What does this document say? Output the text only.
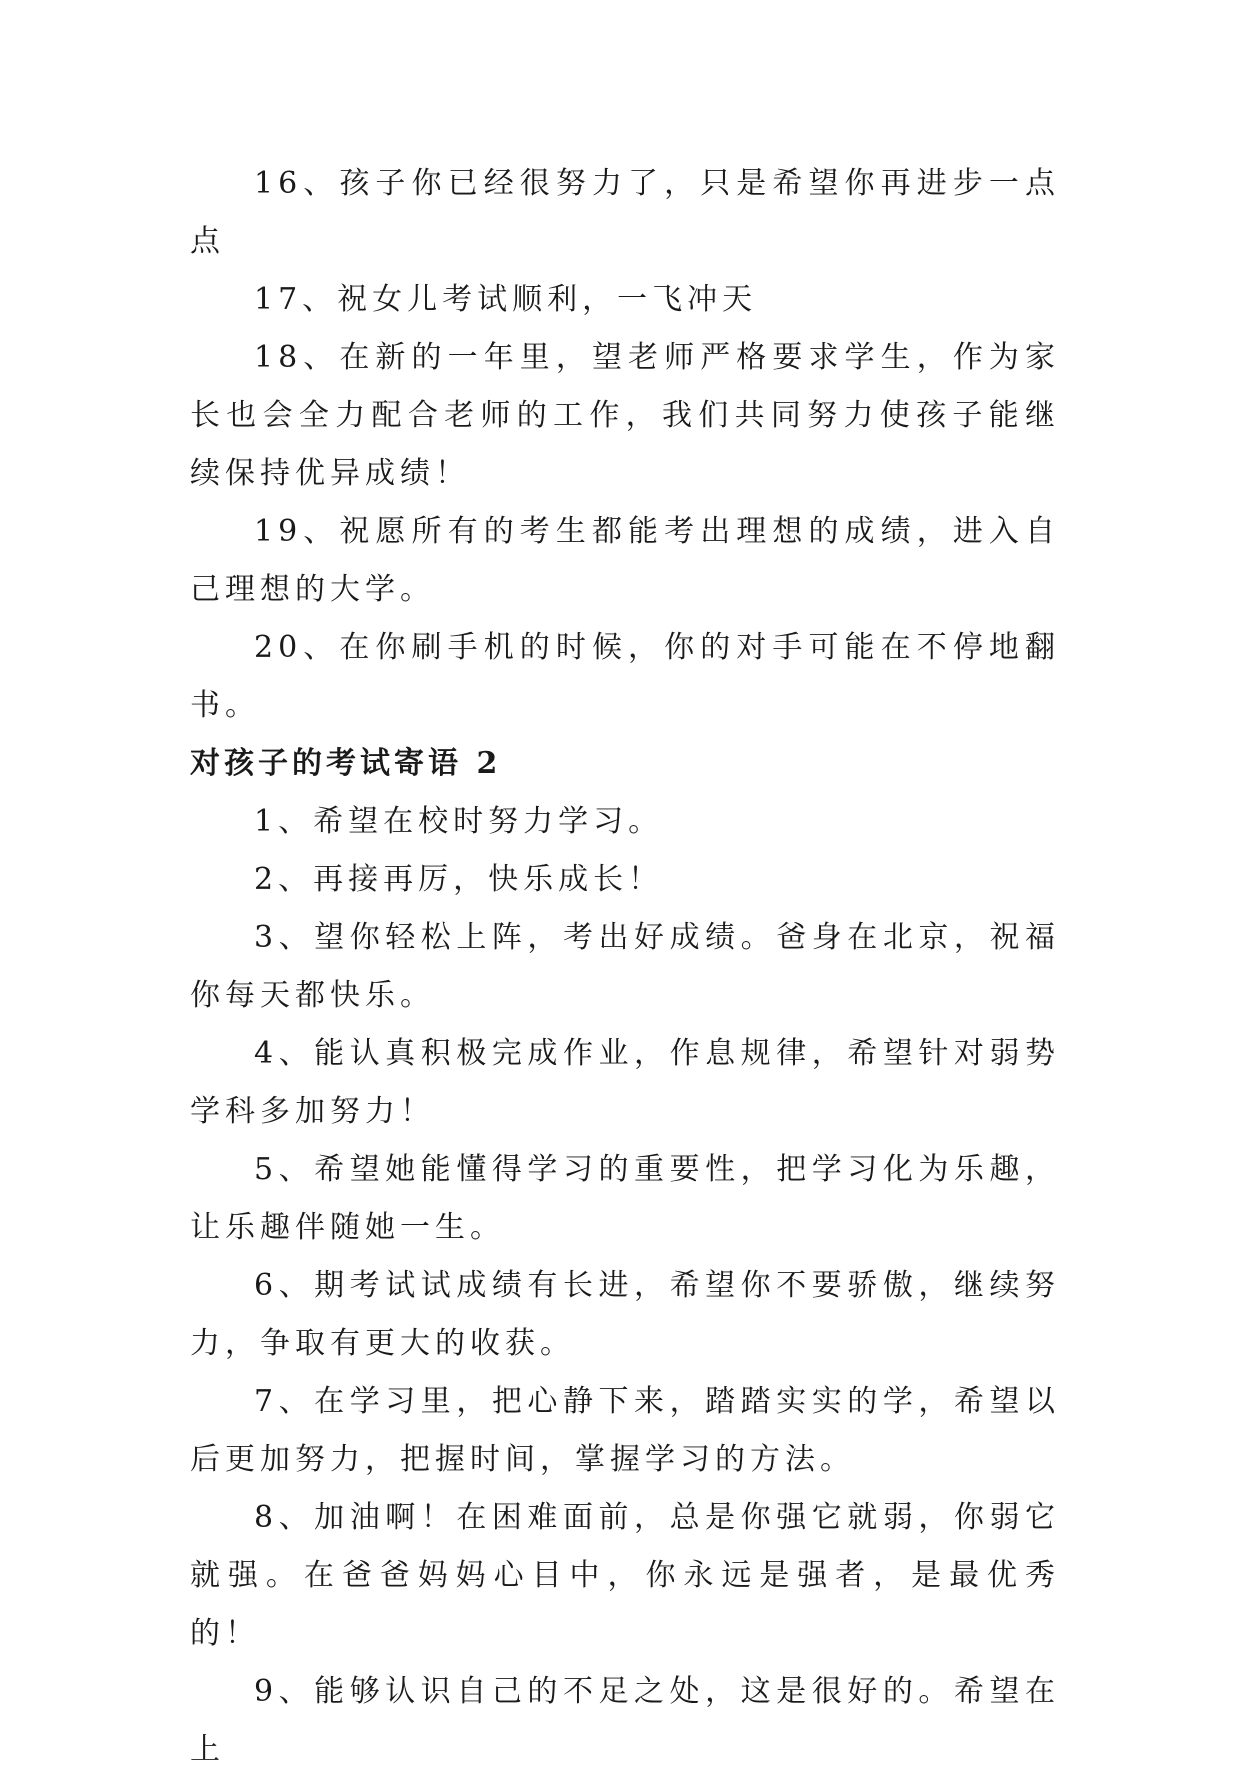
16、孩子你已经很努力了，只是希望你再进步一点点

17、祝女儿考试顺利，一飞冲天

18、在新的一年里，望老师严格要求学生，作为家长也会全力配合老师的工作，我们共同努力使孩子能继续保持优异成绩！

19、祝愿所有的考生都能考出理想的成绩，进入自己理想的大学。

20、在你刷手机的时候，你的对手可能在不停地翻书。

对孩子的考试寄语 2

1、希望在校时努力学习。

2、再接再厉，快乐成长！

3、望你轻松上阵，考出好成绩。爸身在北京，祝福你每天都快乐。

4、能认真积极完成作业，作息规律，希望针对弱势学科多加努力！

5、希望她能懂得学习的重要性，把学习化为乐趣，让乐趣伴随她一生。

6、期考试试成绩有长进，希望你不要骄傲，继续努力，争取有更大的收获。

7、在学习里，把心静下来，踏踏实实的学，希望以后更加努力，把握时间，掌握学习的方法。

8、加油啊！在困难面前，总是你强它就弱，你弱它就强。在爸爸妈妈心目中，你永远是强者，是最优秀的！

9、能够认识自己的不足之处，这是很好的。希望在上
